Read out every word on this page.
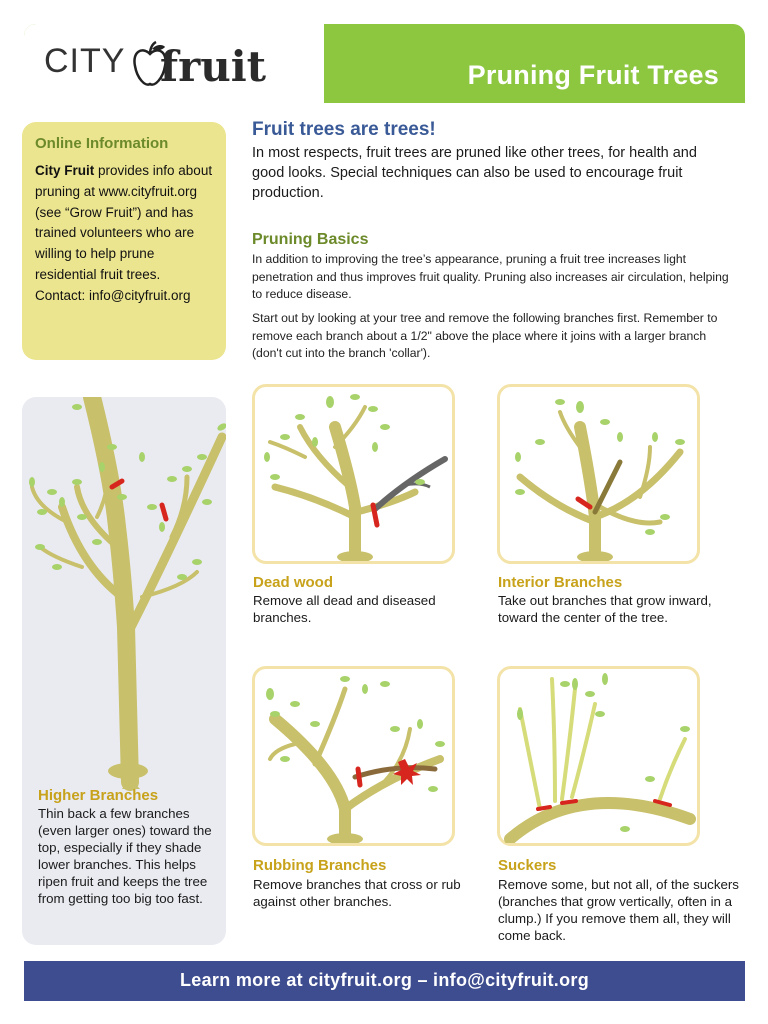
CITY fruit	Pruning Fruit Trees
Online Information
City Fruit provides info about pruning at www.cityfruit.org (see “Grow Fruit”) and has trained volunteers who are willing to help prune residential fruit trees.
Contact: info@cityfruit.org
Fruit trees are trees!
In most respects, fruit trees are pruned like other trees, for health and good looks. Special techniques can also be used to encourage fruit production.
Pruning Basics
In addition to improving the tree’s appearance, pruning a fruit tree increases light penetration and thus improves fruit quality. Pruning also increases air circulation, helping to reduce disease.
Start out by looking at your tree and remove the following branches first. Remember to remove each branch about a 1/2" above the place where it joins with a larger branch (don't cut into the branch 'collar').
Higher Branches
Thin back a few branches (even larger ones) toward the top, especially if they shade lower branches. This helps ripen fruit and keeps the tree from getting too big too fast.
Dead wood
Remove all dead and diseased branches.
Interior Branches
Take out branches that grow inward, toward the center of the tree.
Rubbing Branches
Remove branches that cross or rub against other branches.
Suckers
Remove some, but not all, of the suckers (branches that grow vertically, often in a clump.) If you remove them all, they will come back.
Learn more at cityfruit.org – info@cityfruit.org
